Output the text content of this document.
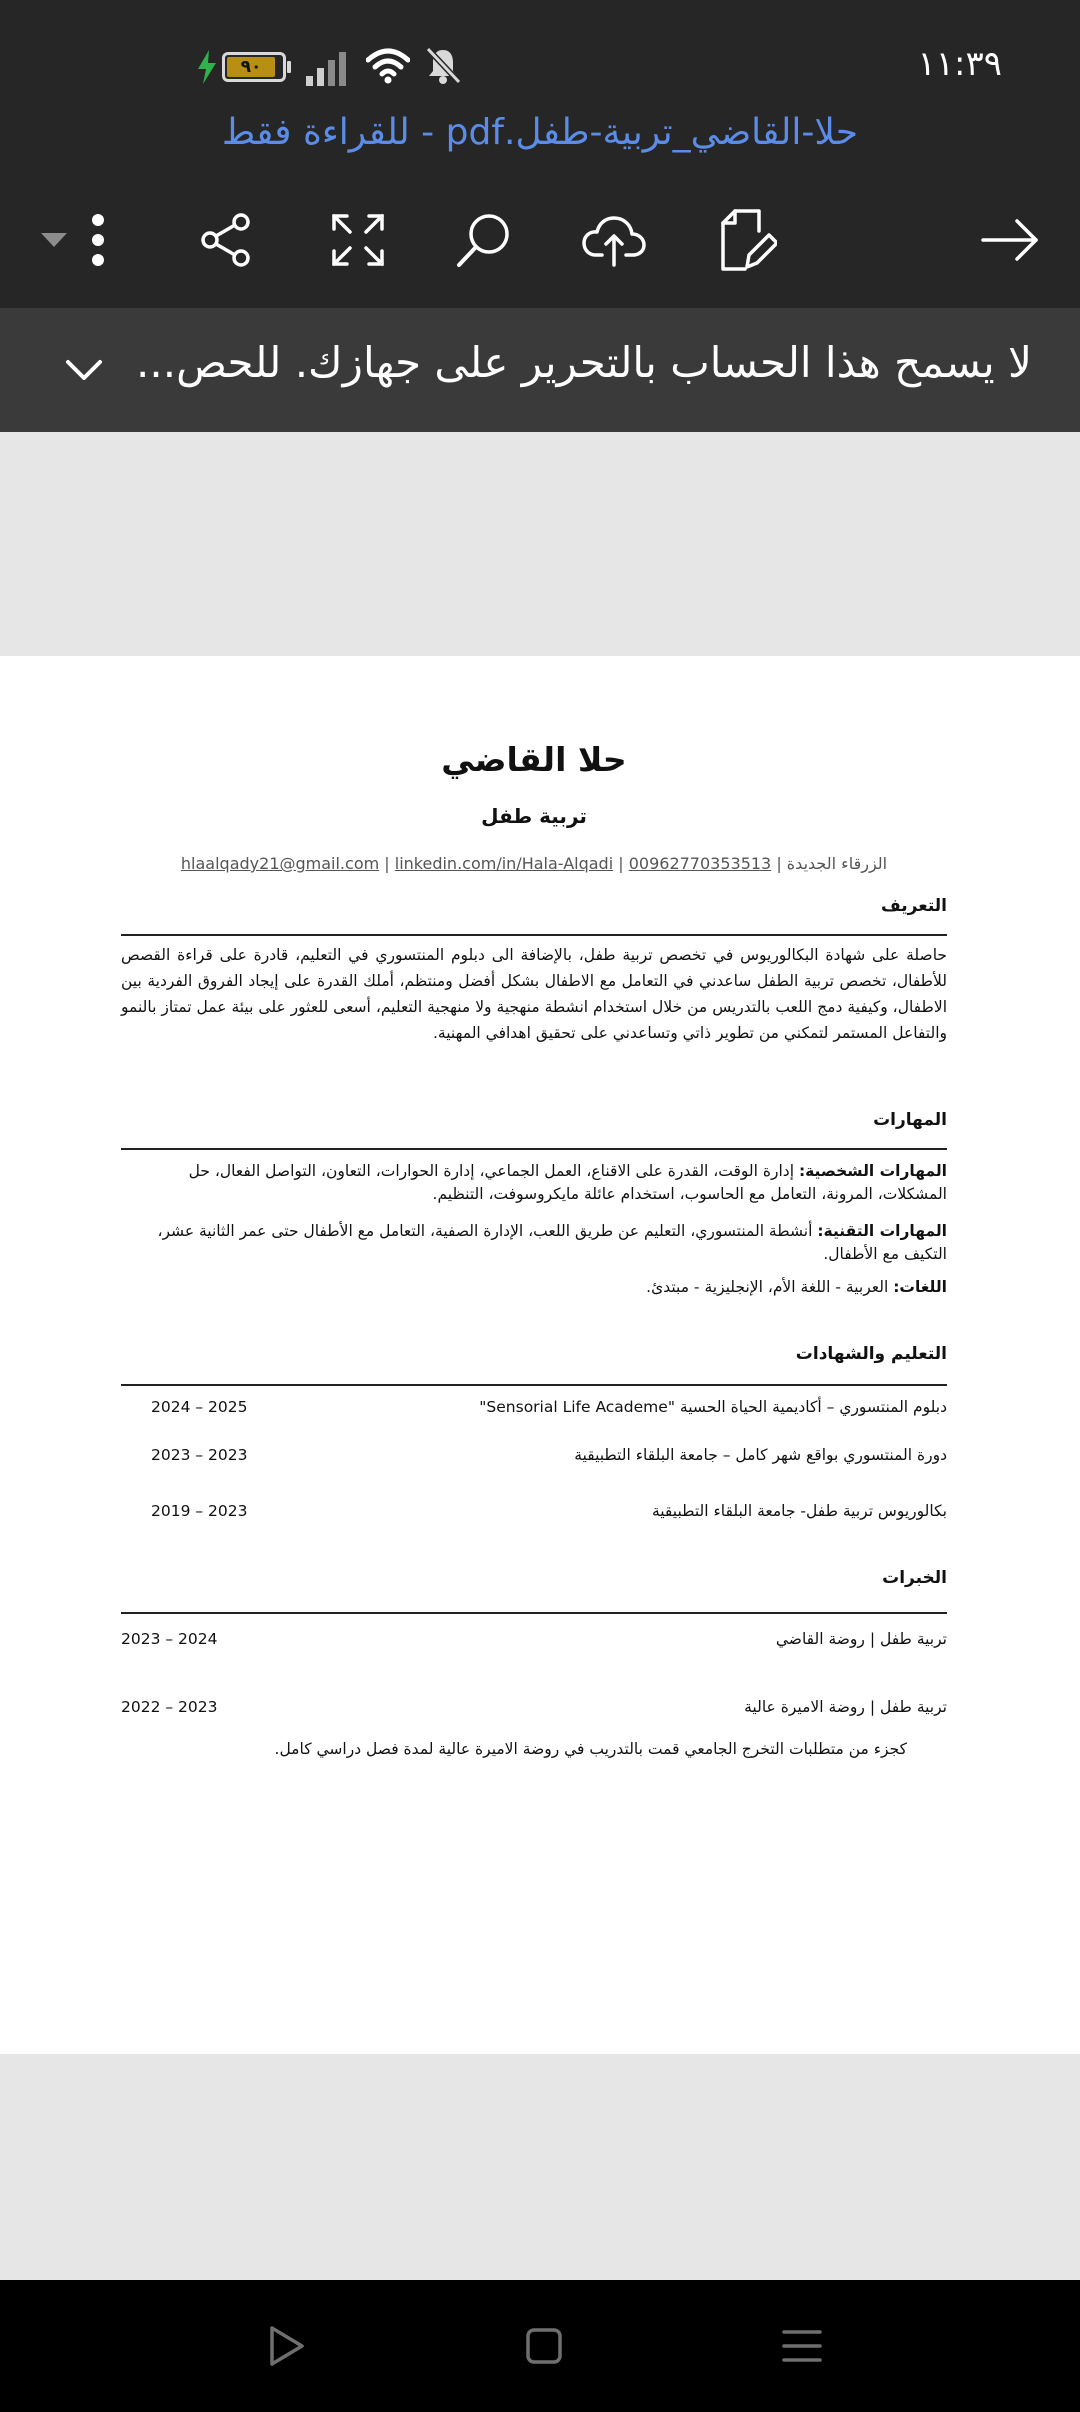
٩٠	١١:٣٩
حلا-القاضي_تربية-طفل.pdf - للقراءة فقط
لا يسمح هذا الحساب بالتحرير على جهازك. للحص...
حلا القاضي
تربية طفل
الزرقاء الجديدة | 00962770353513 | hlaalqady21@gmail.com | linkedin.com/in/Hala-Alqadi
التعريف
حاصلة على شهادة البكالوريوس في تخصص تربية طفل، بالإضافة الى دبلوم المنتسوري في التعليم، قادرة على قراءة القصص للأطفال، تخصص تربية الطفل ساعدني في التعامل مع الاطفال بشكل أفضل ومنتظم، أملك القدرة على إيجاد الفروق الفردية بين الاطفال، وكيفية دمج اللعب بالتدريس من خلال استخدام انشطة منهجية ولا منهجية التعليم، أسعى للعثور على بيئة عمل تمتاز بالنمو والتفاعل المستمر لتمكني من تطوير ذاتي وتساعدني على تحقيق اهدافي المهنية.
المهارات
المهارات الشخصية: إدارة الوقت، القدرة على الاقناع، العمل الجماعي، إدارة الحوارات، التعاون، التواصل الفعال، حل المشكلات، المرونة، التعامل مع الحاسوب، استخدام عائلة مايكروسوفت، التنظيم.
المهارات التقنية: أنشطة المنتسوري، التعليم عن طريق اللعب، الإدارة الصفية، التعامل مع الأطفال حتى عمر الثانية عشر، التكيف مع الأطفال.
اللغات: العربية - اللغة الأم، الإنجليزية - مبتدئ.
التعليم والشهادات
دبلوم المنتسوري – أكاديمية الحياة الحسية "Sensorial Life Academe"
2024 – 2025
دورة المنتسوري بواقع شهر كامل – جامعة البلقاء التطبيقية
2023 – 2023
بكالوريوس تربية طفل- جامعة البلقاء التطبيقية
2019 – 2023
الخبرات
تربية طفل | روضة القاضي
2023 – 2024
تربية طفل | روضة الاميرة عالية
2022 – 2023
كجزء من متطلبات التخرج الجامعي قمت بالتدريب في روضة الاميرة عالية لمدة فصل دراسي كامل.
